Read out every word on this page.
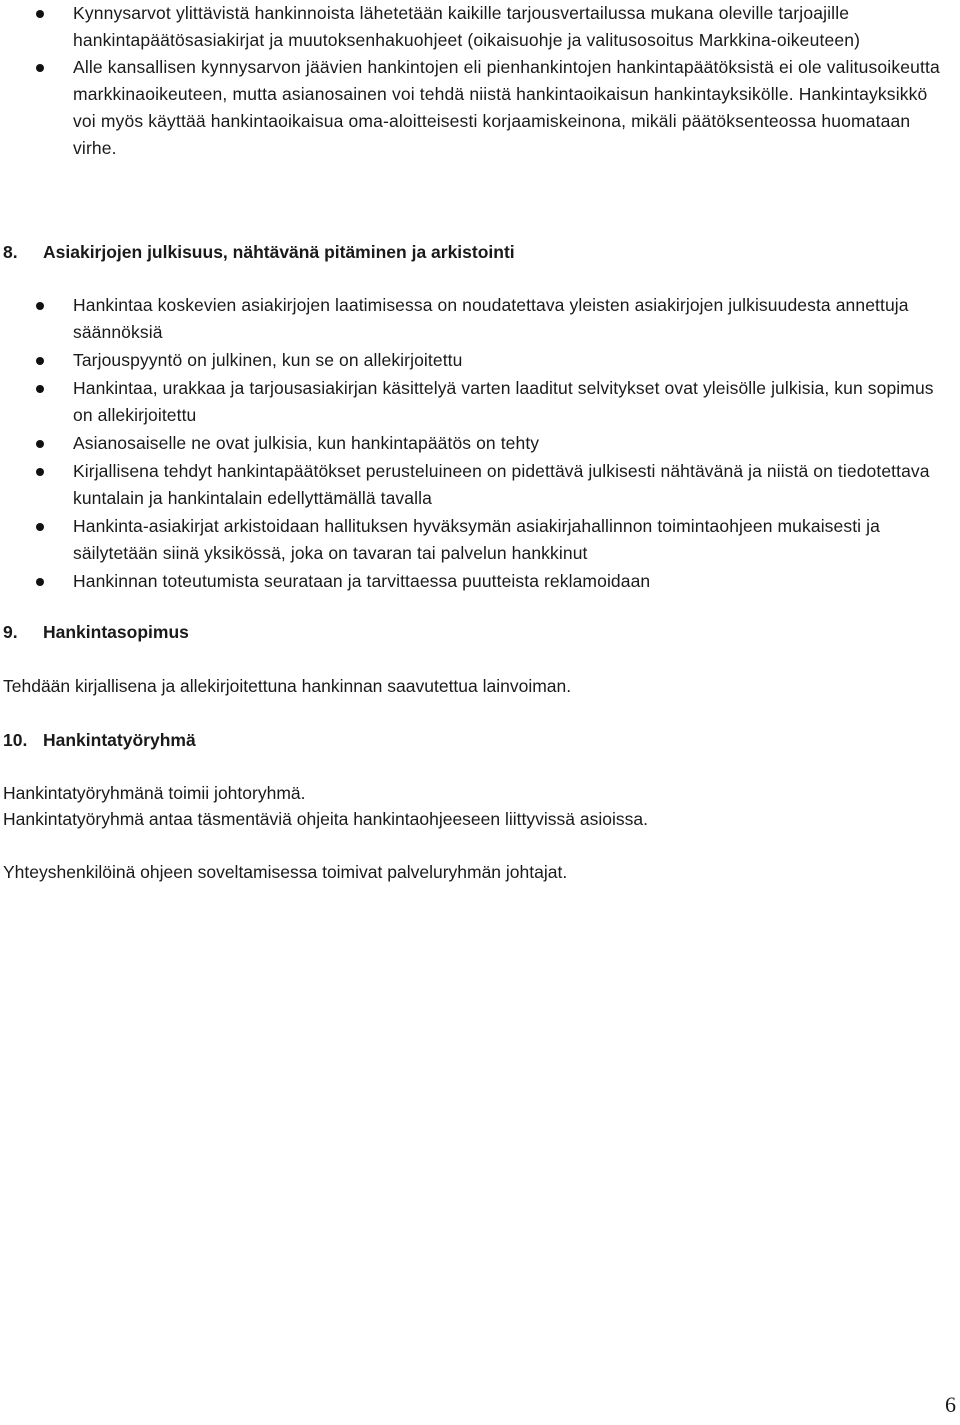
Kynnysarvot ylittävistä hankinnoista lähetetään kaikille tarjousvertailussa mukana oleville tarjoajille hankintapäätösasiakirjat ja muutoksenhakuohjeet (oikaisuohje ja valitusosoitus Markkina-oikeuteen)
Alle kansallisen kynnysarvon jäävien hankintojen eli pienhankintojen hankintapäätöksistä ei ole valitusoikeutta markkinaoikeuteen, mutta asianosainen voi tehdä niistä hankintaoikaisun hankintayksikölle. Hankintayksikkö voi myös käyttää hankintaoikaisua oma-aloitteisesti korjaamiskeinona, mikäli päätöksenteossa huomataan virhe.
8. Asiakirjojen julkisuus, nähtävänä pitäminen ja arkistointi
Hankintaa koskevien asiakirjojen laatimisessa on noudatettava yleisten asiakirjojen julkisuudesta annettuja säännöksiä
Tarjouspyyntö on julkinen, kun se on allekirjoitettu
Hankintaa, urakkaa ja tarjousasiakirjan käsittelyä varten laaditut selvitykset ovat yleisölle julkisia, kun sopimus on allekirjoitettu
Asianosaiselle ne ovat julkisia, kun hankintapäätös on tehty
Kirjallisena tehdyt hankintapäätökset perusteluineen on pidettävä julkisesti nähtävänä ja niistä on tiedotettava kuntalain ja hankintalain edellyttämällä tavalla
Hankinta-asiakirjat arkistoidaan hallituksen hyväksymän asiakirjahallinnon toimintaohjeen mukaisesti ja säilytetään siinä yksikössä, joka on tavaran tai palvelun hankkinut
Hankinnan toteutumista seurataan ja tarvittaessa puutteista reklamoidaan
9. Hankintasopimus

Tehdään kirjallisena ja allekirjoitettuna hankinnan saavutettua lainvoiman.

10. Hankintatyöryhmä

Hankintatyöryhmänä toimii johtoryhmä.

Hankintatyöryhmä antaa täsmentäviä ohjeita hankintaohjeeseen liittyvissä asioissa.

Yhteyshenkilöinä ohjeen soveltamisessa toimivat palveluryhmän johtajat.

6
